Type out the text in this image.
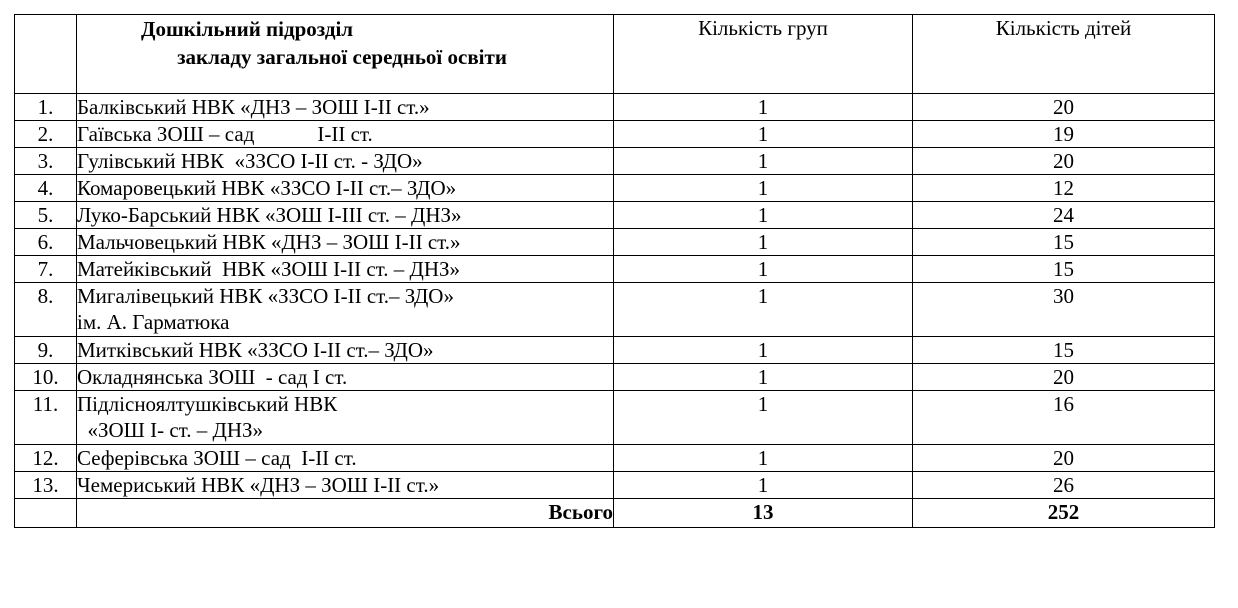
	Дошкільний підрозділ
закладу загальної середньої освіти	Кількість груп	Кількість дітей
1.	Балківський НВК «ДНЗ – ЗОШ І-ІІ ст.»	1	20
2.	Гаївська ЗОШ – сад            І-ІІ ст.	1	19
3.	Гулівський НВК  «ЗЗСО І-ІІ ст. - ЗДО»	1	20
4.	Комаровецький НВК «ЗЗСО І-ІІ ст.– ЗДО»	1	12
5.	Луко-Барський НВК «ЗОШ І-ІІІ ст. – ДНЗ»	1	24
6.	Мальчовецький НВК «ДНЗ – ЗОШ І-ІІ ст.»	1	15
7.	Матейківський  НВК «ЗОШ І-ІІ ст. – ДНЗ»	1	15
8.	Мигалівецький НВК «ЗЗСО І-ІІ ст.– ЗДО»
ім. А. Гарматюка	1	30
9.	Митківський НВК «ЗЗСО І-ІІ ст.– ЗДО»	1	15
10.	Окладнянська ЗОШ  - сад І ст.	1	20
11.	Підлісноялтушківський НВК
«ЗОШ І- ст. – ДНЗ»	1	16
12.	Сеферівська ЗОШ – сад  І-ІІ ст.	1	20
13.	Чемериський НВК «ДНЗ – ЗОШ І-ІІ ст.»	1	26
	Всього	13	252
